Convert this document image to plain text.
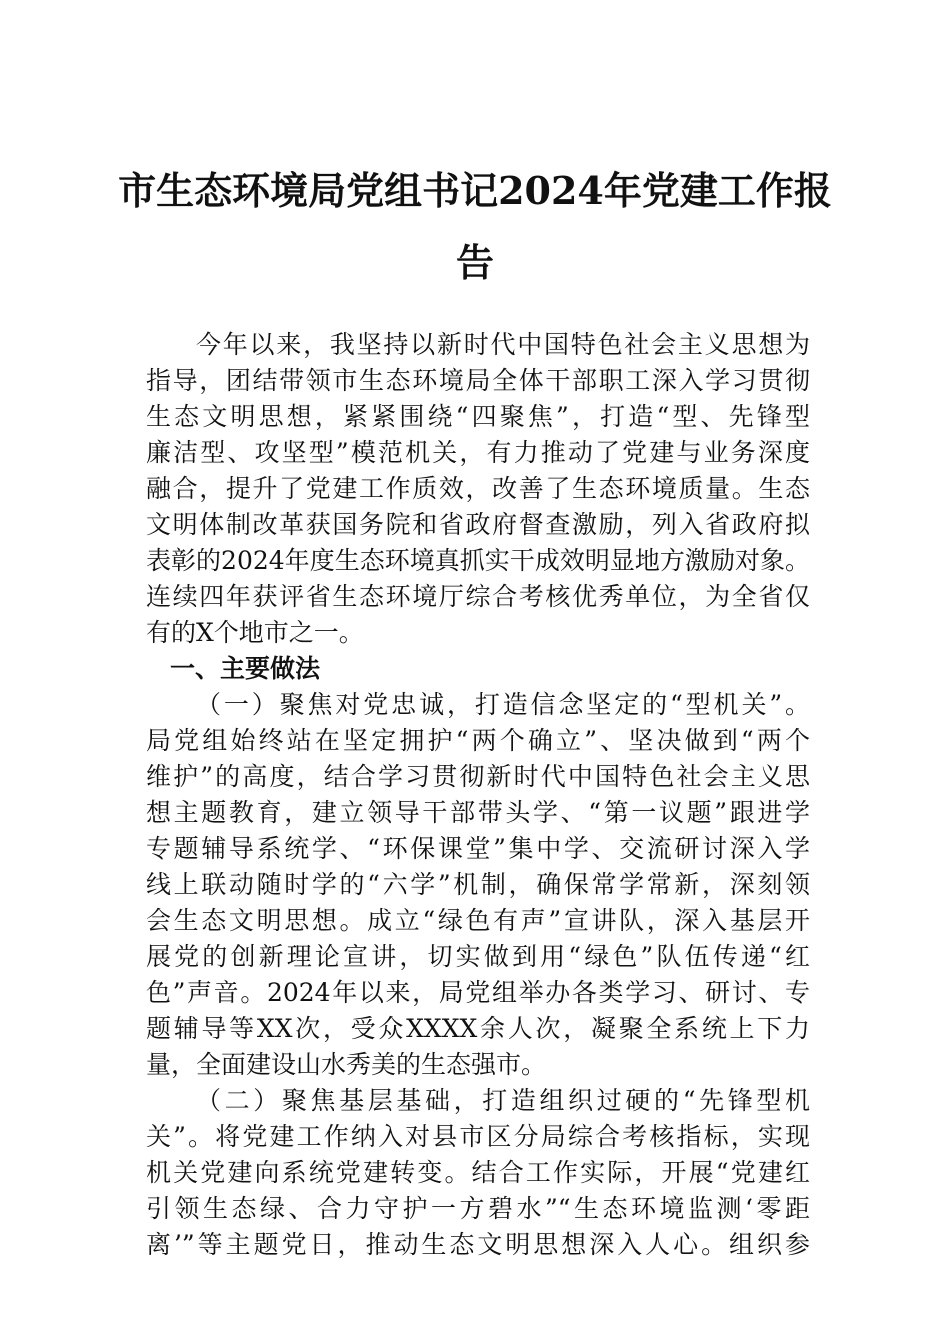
市生态环境局党组书记2024年党建工作报
告
今年以来，我坚持以新时代中国特色社会主义思想为
指导，团结带领市生态环境局全体干部职工深入学习贯彻
生态文明思想，紧紧围绕“四聚焦”，打造“型、先锋型
廉洁型、攻坚型”模范机关，有力推动了党建与业务深度
融合，提升了党建工作质效，改善了生态环境质量。生态
文明体制改革获国务院和省政府督查激励，列入省政府拟
表彰的2024年度生态环境真抓实干成效明显地方激励对象。
连续四年获评省生态环境厅综合考核优秀单位，为全省仅
有的X个地市之一。
一、主要做法
（一）聚焦对党忠诚，打造信念坚定的“型机关”。
局党组始终站在坚定拥护“两个确立”、坚决做到“两个
维护”的高度，结合学习贯彻新时代中国特色社会主义思
想主题教育，建立领导干部带头学、“第一议题”跟进学
专题辅导系统学、“环保课堂”集中学、交流研讨深入学
线上联动随时学的“六学”机制，确保常学常新，深刻领
会生态文明思想。成立“绿色有声”宣讲队，深入基层开
展党的创新理论宣讲，切实做到用“绿色”队伍传递“红
色”声音。2024年以来，局党组举办各类学习、研讨、专
题辅导等XX次，受众XXXX余人次，凝聚全系统上下力
量，全面建设山水秀美的生态强市。
（二）聚焦基层基础，打造组织过硬的“先锋型机
关”。将党建工作纳入对县市区分局综合考核指标，实现
机关党建向系统党建转变。结合工作实际，开展“党建红
引领生态绿、合力守护一方碧水”“生态环境监测‘零距
离’”等主题党日，推动生态文明思想深入人心。组织参
